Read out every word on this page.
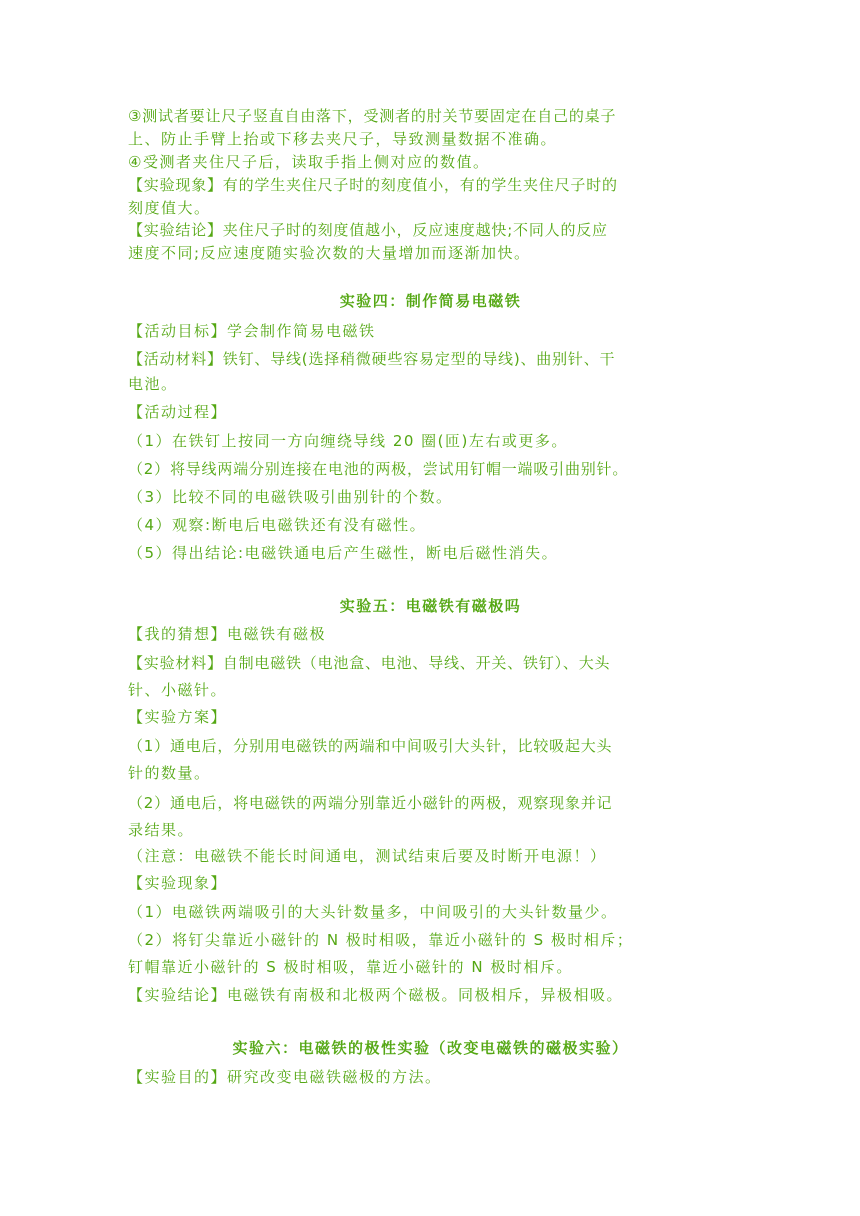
③测试者要让尺子竖直自由落下，受测者的肘关节要固定在自己的桌子
上、防止手臂上抬或下移去夹尺子，导致测量数据不准确。
④受测者夹住尺子后，读取手指上侧对应的数值。
【实验现象】有的学生夹住尺子时的刻度值小，有的学生夹住尺子时的
刻度值大。
【实验结论】夹住尺子时的刻度值越小，反应速度越快;不同人的反应
速度不同;反应速度随实验次数的大量增加而逐渐加快。
实验四：制作简易电磁铁
【活动目标】学会制作简易电磁铁
【活动材料】铁钉、导线(选择稍微硬些容易定型的导线)、曲别针、干
电池。
【活动过程】
（1）在铁钉上按同一方向缠绕导线 20 圈(匝)左右或更多。
（2）将导线两端分别连接在电池的两极，尝试用钉帽一端吸引曲别针。
（3）比较不同的电磁铁吸引曲别针的个数。
（4）观察:断电后电磁铁还有没有磁性。
（5）得出结论:电磁铁通电后产生磁性，断电后磁性消失。
实验五：电磁铁有磁极吗
【我的猜想】电磁铁有磁极
【实验材料】自制电磁铁（电池盒、电池、导线、开关、铁钉）、大头
针、小磁针。
【实验方案】
（1）通电后，分别用电磁铁的两端和中间吸引大头针，比较吸起大头
针的数量。
（2）通电后，将电磁铁的两端分别靠近小磁针的两极，观察现象并记
录结果。
（注意：电磁铁不能长时间通电，测试结束后要及时断开电源！）
【实验现象】
（1）电磁铁两端吸引的大头针数量多，中间吸引的大头针数量少。
（2）将钉尖靠近小磁针的 N 极时相吸，靠近小磁针的 S 极时相斥；
钉帽靠近小磁针的 S 极时相吸，靠近小磁针的 N 极时相斥。
【实验结论】电磁铁有南极和北极两个磁极。同极相斥，异极相吸。
实验六：电磁铁的极性实验（改变电磁铁的磁极实验）
【实验目的】研究改变电磁铁磁极的方法。
